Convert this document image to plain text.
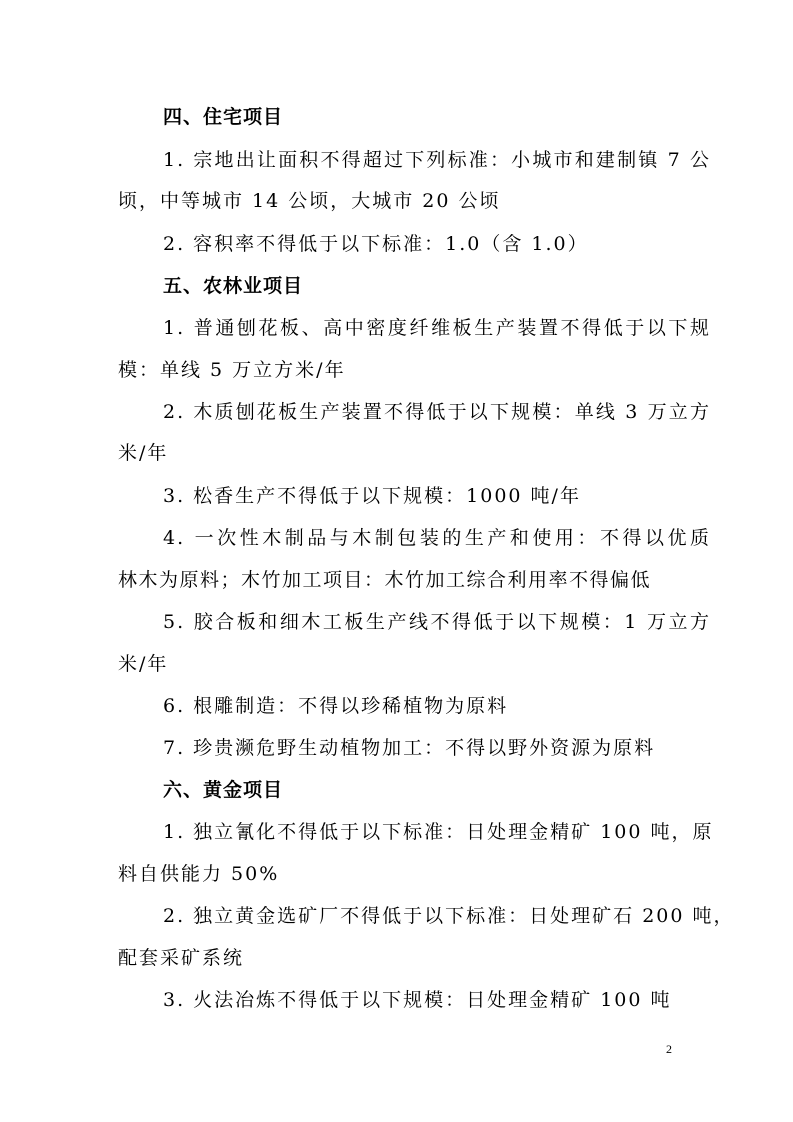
四、住宅项目
1. 宗地出让面积不得超过下列标准：小城市和建制镇 7 公
顷，中等城市 14 公顷，大城市 20 公顷
2. 容积率不得低于以下标准：1.0（含 1.0）
五、农林业项目
1. 普通刨花板、高中密度纤维板生产装置不得低于以下规
模：单线 5 万立方米/年
2. 木质刨花板生产装置不得低于以下规模：单线 3 万立方
米/年
3. 松香生产不得低于以下规模：1000 吨/年
4. 一次性木制品与木制包装的生产和使用：不得以优质
林木为原料；木竹加工项目：木竹加工综合利用率不得偏低
5. 胶合板和细木工板生产线不得低于以下规模：1 万立方
米/年
6. 根雕制造：不得以珍稀植物为原料
7. 珍贵濒危野生动植物加工：不得以野外资源为原料
六、黄金项目
1. 独立氰化不得低于以下标准：日处理金精矿 100 吨，原
料自供能力 50%
2. 独立黄金选矿厂不得低于以下标准：日处理矿石 200 吨，
配套采矿系统
3. 火法冶炼不得低于以下规模：日处理金精矿 100 吨
2
